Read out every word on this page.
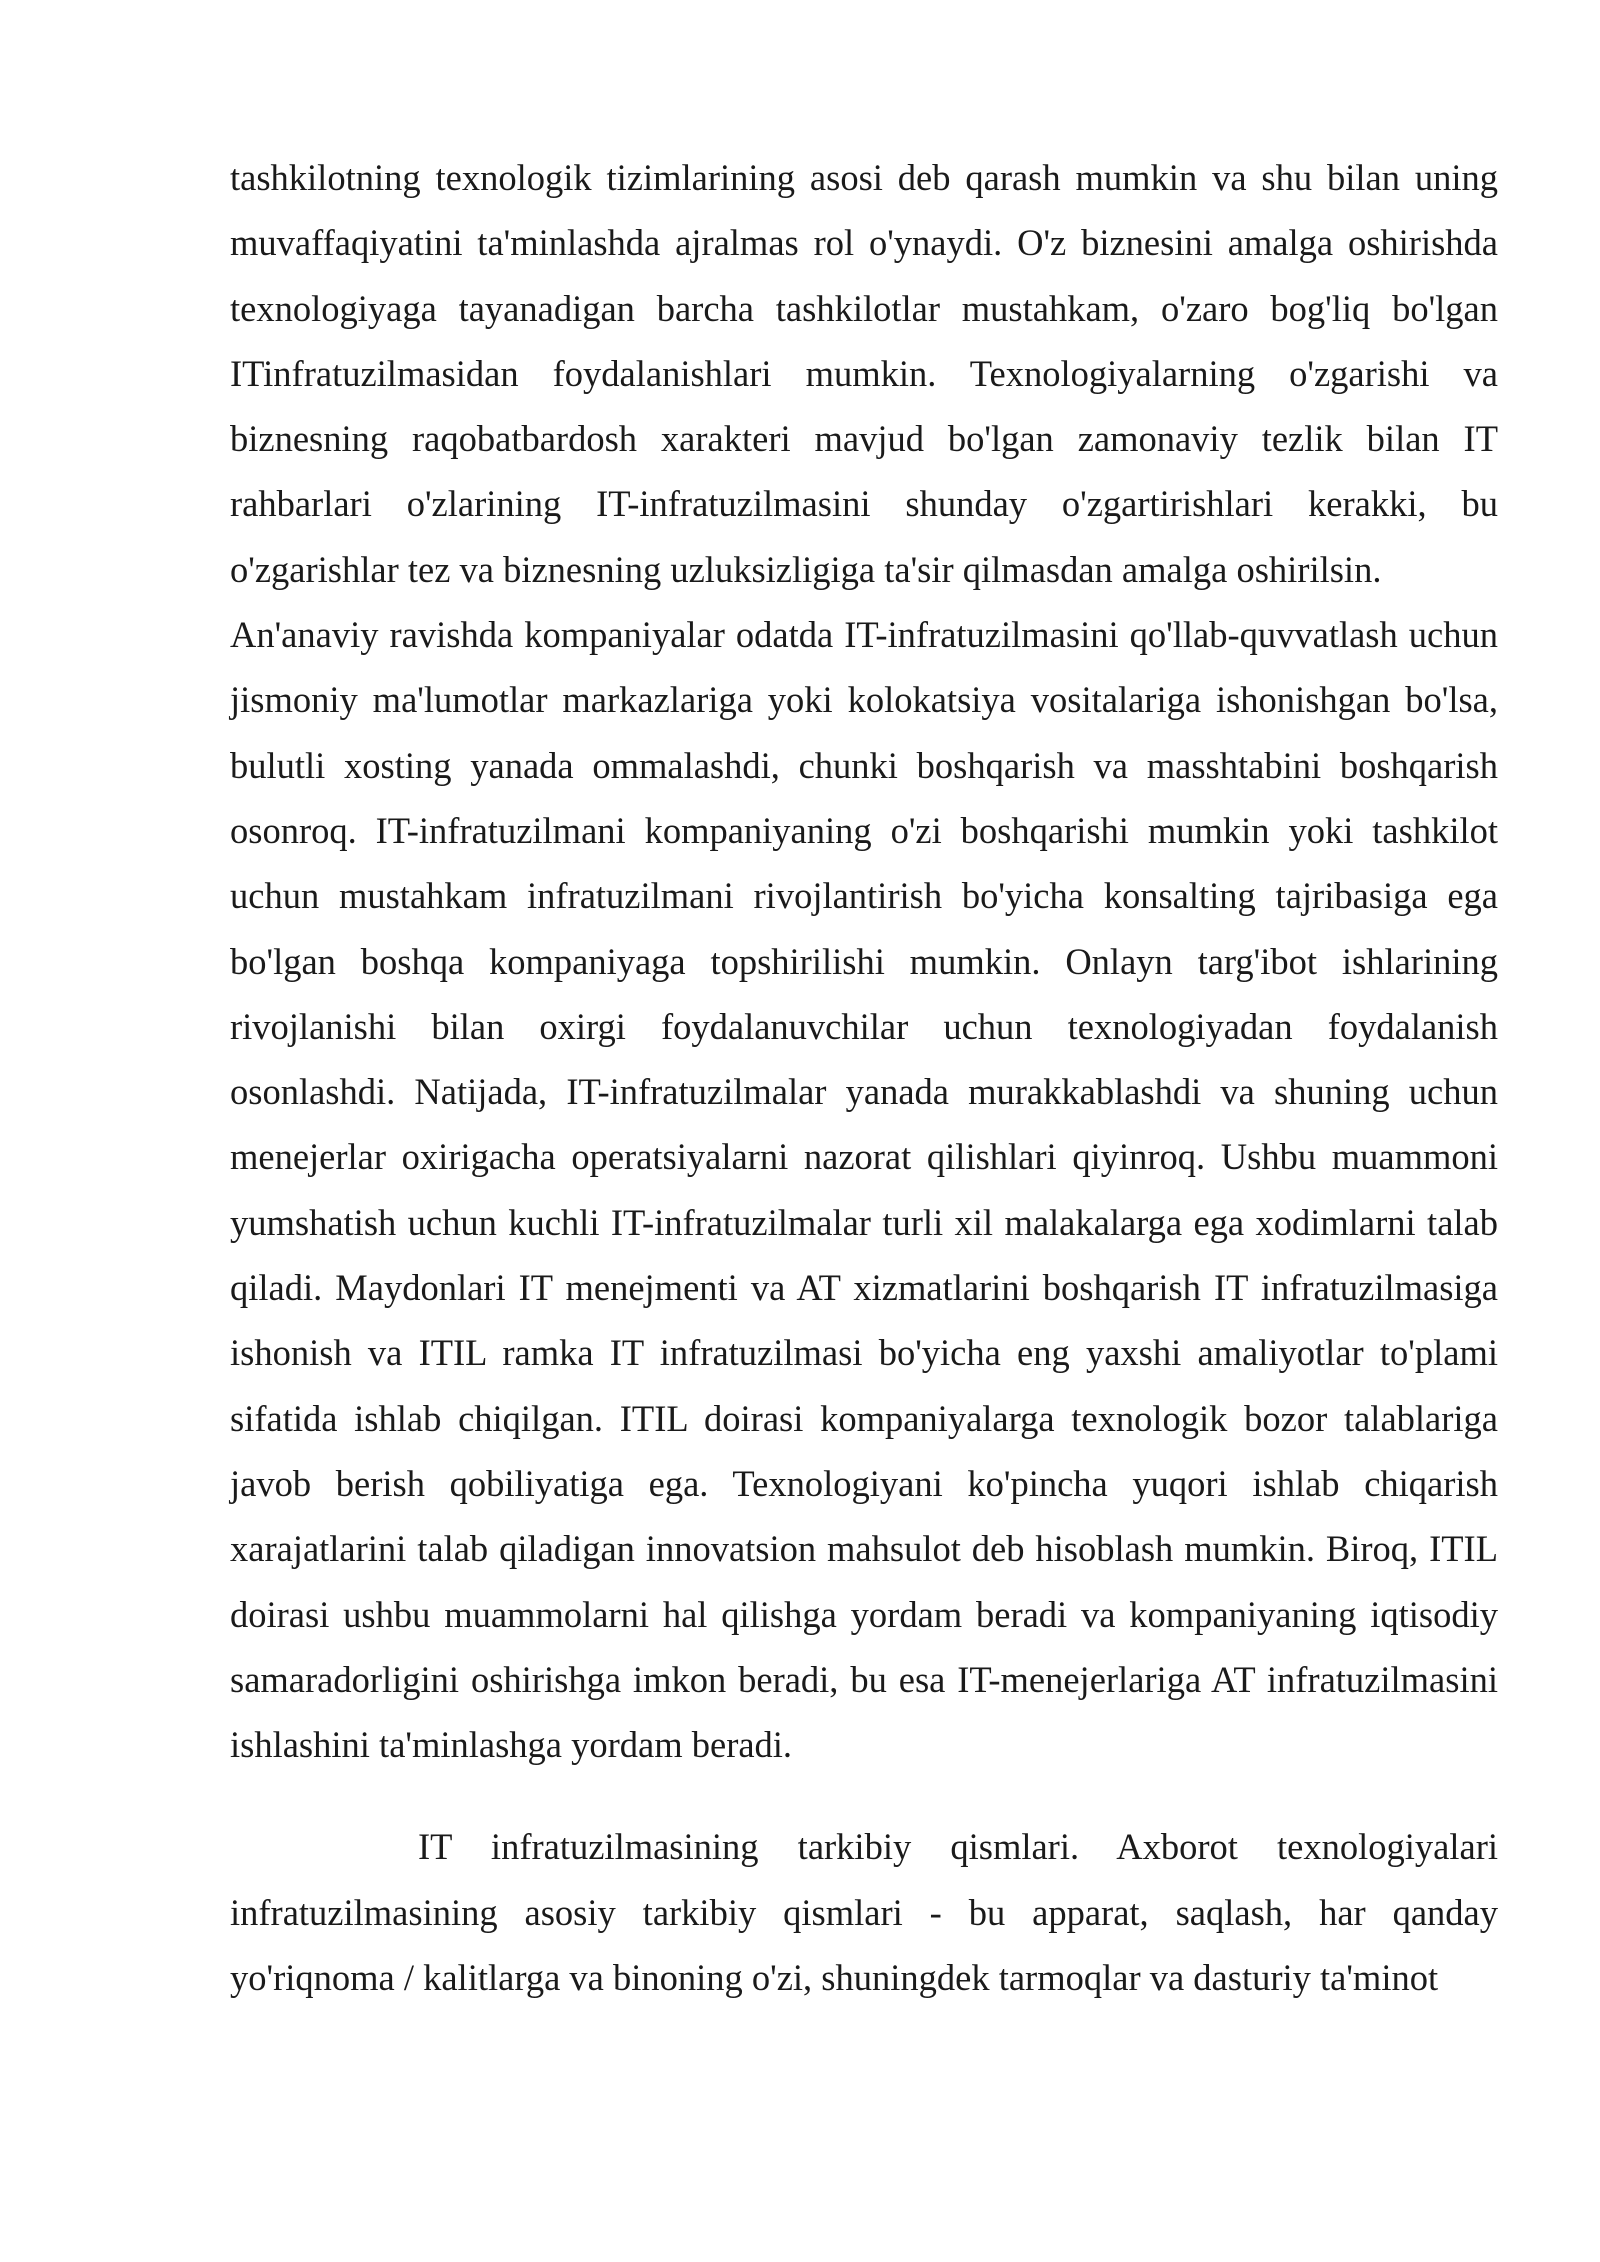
tashkilotning texnologik tizimlarining asosi deb qarash mumkin va shu bilan uning muvaffaqiyatini ta'minlashda ajralmas rol o'ynaydi. O'z biznesini amalga oshirishda texnologiyaga tayanadigan barcha tashkilotlar mustahkam, o'zaro bog'liq bo'lgan ITinfratuzilmasidan foydalanishlari mumkin. Texnologiyalarning o'zgarishi va biznesning raqobatbardosh xarakteri mavjud bo'lgan zamonaviy tezlik bilan IT rahbarlari o'zlarining IT-infratuzilmasini shunday o'zgartirishlari kerakki, bu o'zgarishlar tez va biznesning uzluksizligiga ta'sir qilmasdan amalga oshirilsin.

An'anaviy ravishda kompaniyalar odatda IT-infratuzilmasini qo'llab-quvvatlash uchun jismoniy ma'lumotlar markazlariga yoki kolokatsiya vositalariga ishonishgan bo'lsa, bulutli xosting yanada ommalashdi, chunki boshqarish va masshtabini boshqarish osonroq. IT-infratuzilmani kompaniyaning o'zi boshqarishi mumkin yoki tashkilot uchun mustahkam infratuzilmani rivojlantirish bo'yicha konsalting tajribasiga ega bo'lgan boshqa kompaniyaga topshirilishi mumkin. Onlayn targ'ibot ishlarining rivojlanishi bilan oxirgi foydalanuvchilar uchun texnologiyadan foydalanish osonlashdi. Natijada, IT-infratuzilmalar yanada murakkablashdi va shuning uchun menejerlar oxirigacha operatsiyalarni nazorat qilishlari qiyinroq. Ushbu muammoni yumshatish uchun kuchli IT-infratuzilmalar turli xil malakalarga ega xodimlarni talab qiladi. Maydonlari IT menejmenti va AT xizmatlarini boshqarish IT infratuzilmasiga ishonish va ITIL ramka IT infratuzilmasi bo'yicha eng yaxshi amaliyotlar to'plami sifatida ishlab chiqilgan. ITIL doirasi kompaniyalarga texnologik bozor talablariga javob berish qobiliyatiga ega. Texnologiyani ko'pincha yuqori ishlab chiqarish xarajatlarini talab qiladigan innovatsion mahsulot deb hisoblash mumkin. Biroq, ITIL doirasi ushbu muammolarni hal qilishga yordam beradi va kompaniyaning iqtisodiy samaradorligini oshirishga imkon beradi, bu esa IT-menejerlariga AT infratuzilmasini ishlashini ta'minlashga yordam beradi.

IT infratuzilmasining tarkibiy qismlari. Axborot texnologiyalari infratuzilmasining asosiy tarkibiy qismlari - bu apparat, saqlash, har qanday yo'riqnoma / kalitlarga va binoning o'zi, shuningdek tarmoqlar va dasturiy ta'minot
